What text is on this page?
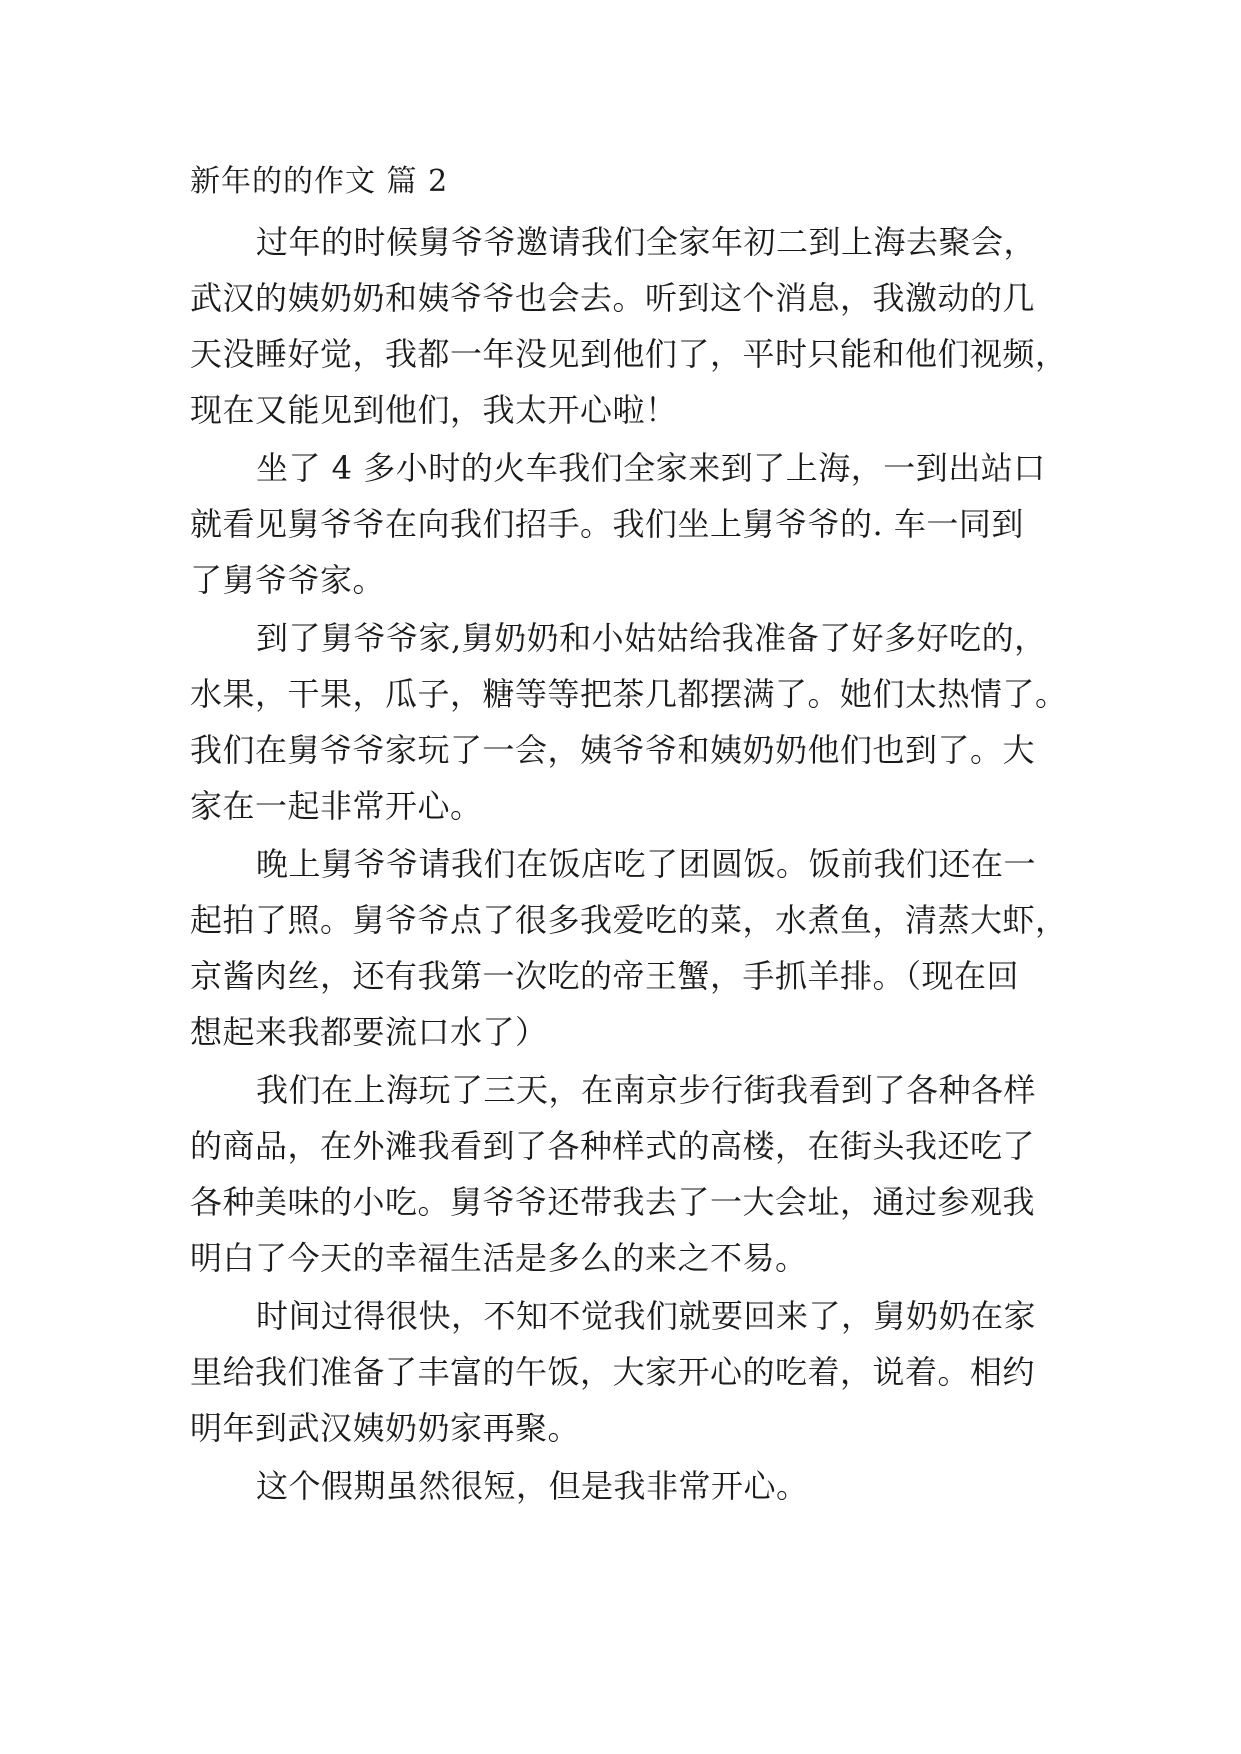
新年的的作文 篇 2
过年的时候舅爷爷邀请我们全家年初二到上海去聚会，
武汉的姨奶奶和姨爷爷也会去。听到这个消息，我激动的几
天没睡好觉，我都一年没见到他们了，平时只能和他们视频，
现在又能见到他们，我太开心啦！
坐了 4 多小时的火车我们全家来到了上海，一到出站口
就看见舅爷爷在向我们招手。我们坐上舅爷爷的. 车一同到
了舅爷爷家。
到了舅爷爷家,舅奶奶和小姑姑给我准备了好多好吃的，
水果，干果，瓜子，糖等等把茶几都摆满了。她们太热情了。
我们在舅爷爷家玩了一会，姨爷爷和姨奶奶他们也到了。大
家在一起非常开心。
晚上舅爷爷请我们在饭店吃了团圆饭。饭前我们还在一
起拍了照。舅爷爷点了很多我爱吃的菜，水煮鱼，清蒸大虾，
京酱肉丝，还有我第一次吃的帝王蟹，手抓羊排。（现在回
想起来我都要流口水了）
我们在上海玩了三天，在南京步行街我看到了各种各样
的商品，在外滩我看到了各种样式的高楼，在街头我还吃了
各种美味的小吃。舅爷爷还带我去了一大会址，通过参观我
明白了今天的幸福生活是多么的来之不易。
时间过得很快，不知不觉我们就要回来了，舅奶奶在家
里给我们准备了丰富的午饭，大家开心的吃着，说着。相约
明年到武汉姨奶奶家再聚。
这个假期虽然很短，但是我非常开心。
